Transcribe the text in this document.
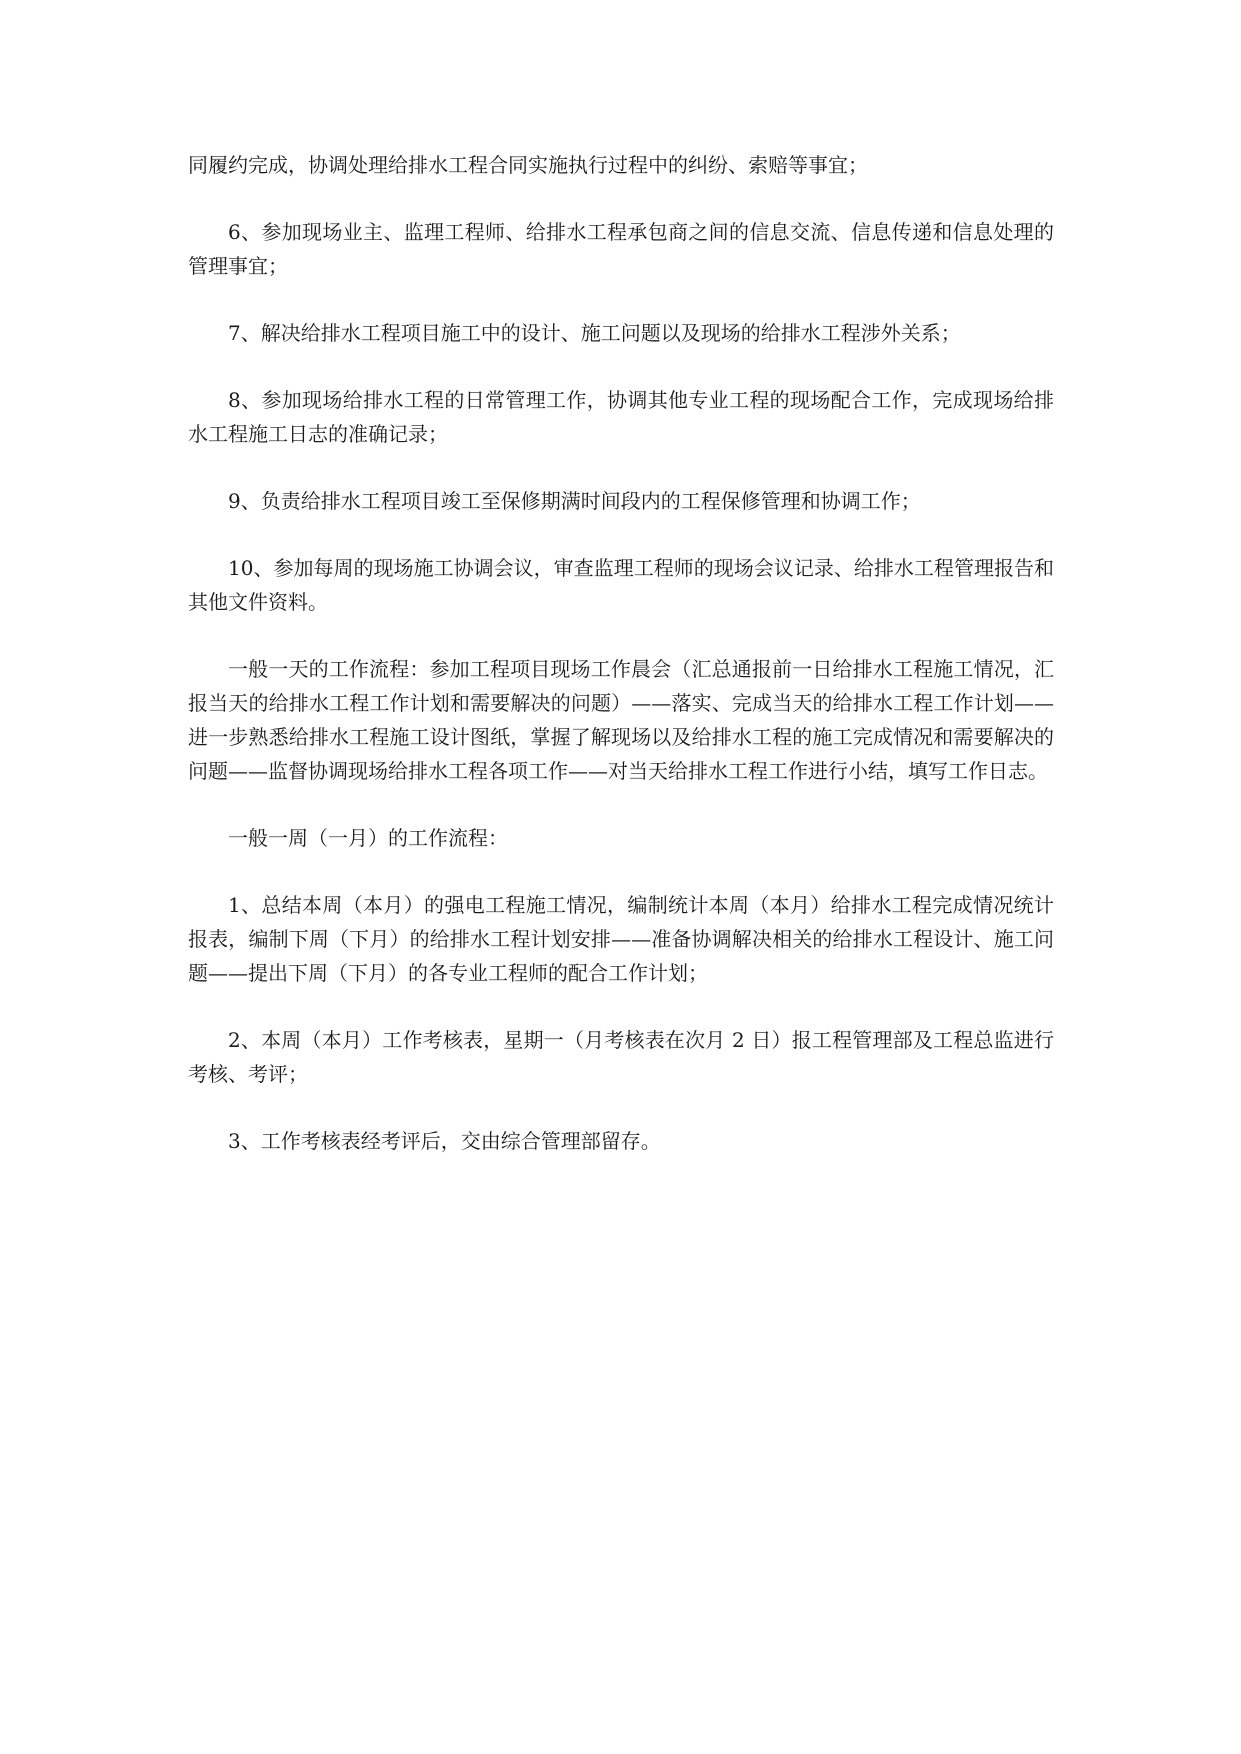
同履约完成，协调处理给排水工程合同实施执行过程中的纠纷、索赔等事宜；

6、参加现场业主、监理工程师、给排水工程承包商之间的信息交流、信息传递和信息处理的管理事宜；

7、解决给排水工程项目施工中的设计、施工问题以及现场的给排水工程涉外关系；

8、参加现场给排水工程的日常管理工作，协调其他专业工程的现场配合工作，完成现场给排水工程施工日志的准确记录；

9、负责给排水工程项目竣工至保修期满时间段内的工程保修管理和协调工作；

10、参加每周的现场施工协调会议，审查监理工程师的现场会议记录、给排水工程管理报告和其他文件资料。

一般一天的工作流程：参加工程项目现场工作晨会（汇总通报前一日给排水工程施工情况，汇报当天的给排水工程工作计划和需要解决的问题）——落实、完成当天的给排水工程工作计划——进一步熟悉给排水工程施工设计图纸，掌握了解现场以及给排水工程的施工完成情况和需要解决的问题——监督协调现场给排水工程各项工作——对当天给排水工程工作进行小结，填写工作日志。

一般一周（一月）的工作流程：

1、总结本周（本月）的强电工程施工情况，编制统计本周（本月）给排水工程完成情况统计报表，编制下周（下月）的给排水工程计划安排——准备协调解决相关的给排水工程设计、施工问题——提出下周（下月）的各专业工程师的配合工作计划；

2、本周（本月）工作考核表，星期一（月考核表在次月 2 日）报工程管理部及工程总监进行考核、考评；

3、工作考核表经考评后，交由综合管理部留存。
